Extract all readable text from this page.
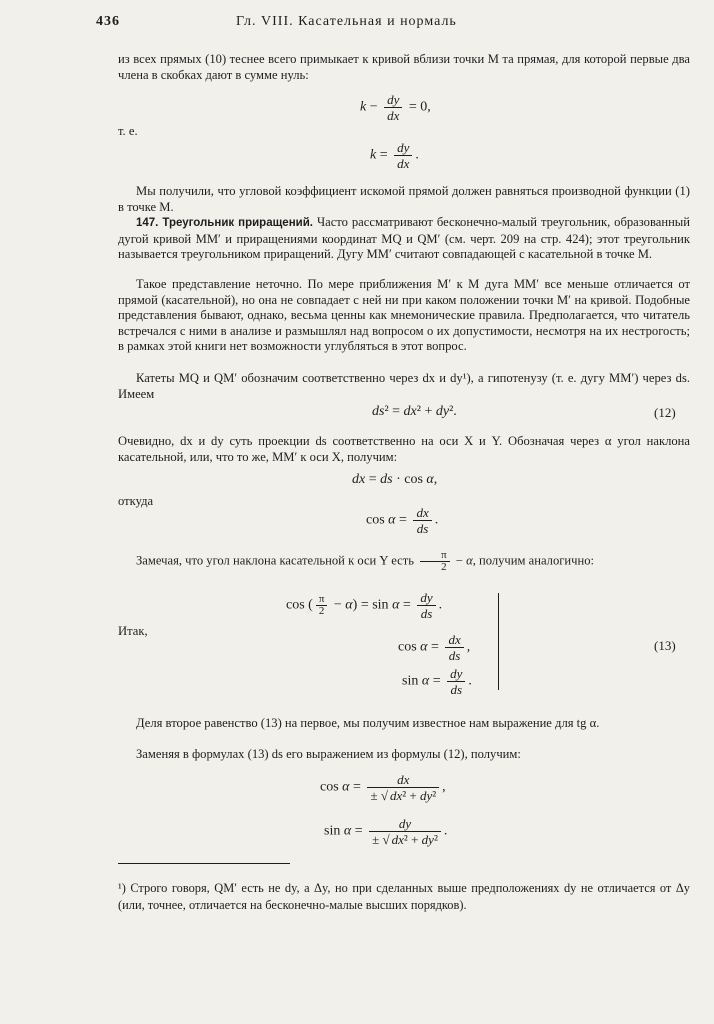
436	Гл. VIII. Касательная и нормаль

из всех прямых (10) теснее всего примыкает к кривой вблизи точки M та прямая, для которой первые два члена в скобках дают в сумме нуль:

$k - \frac{dy}{dx} = 0$,
т. е.
$k = \frac{dy}{dx}$ .

Мы получили, что угловой коэффициент искомой прямой должен равняться производной функции (1) в точке M.

147. Треугольник приращений. Часто рассматривают бесконечно-малый треугольник, образованный дугой кривой MM′ и приращениями координат MQ и QM′ (см. черт. 209 на стр. 424); этот треугольник называется треугольником приращений. Дугу MM′ считают совпадающей с касательной в точке M.

Такое представление неточно. По мере приближения M′ к M дуга MM′ все меньше отличается от прямой (касательной), но она не совпадает с ней ни при каком положении точки M′ на кривой. Подобные представления бывают, однако, весьма ценны как мнемонические правила. Предполагается, что читатель встречался с ними в анализе и размышлял над вопросом о их допустимости, несмотря на их нестрогость; в рамках этой книги нет возможности углубляться в этот вопрос.

Катеты MQ и QM′ обозначим соответственно через dx и dy¹), а гипотенузу (т. е. дугу MM′) через ds. Имеем

ds² = dx² + dy².	(12)

Очевидно, dx и dy суть проекции ds соответственно на оси X и Y. Обозначая через α угол наклона касательной, или, что то же, MM′ к оси X, получим:

dx = ds · cos α,
откуда
$\cos \alpha = \frac{dx}{ds}$ .
Замечая, что угол наклона касательной к оси Y есть $\frac{\pi}{2} - \alpha$, получим аналогично:
cos ( $\frac{\pi}{2} - \alpha) = \sin \alpha = \frac{dy}{ds}$ .
Итак,
$\cos \alpha = \frac{dx}{ds}$ ,
$\sin \alpha = \frac{dy}{ds}$ .
(13)

Деля второе равенство (13) на первое, мы получим известное нам выражение для tg α.

Заменяя в формулах (13) ds его выражением из формулы (12), получим:

$\cos \alpha = \frac{dx}{\text{± √ dx² + dy²}}$ ,
$\sin \alpha = \frac{dy}{\text{± √ dx² + dy²}}$ .

¹) Строго говоря, QM′ есть не dy, а Δy, но при сделанных выше предположениях dy не отличается от Δy (или, точнее, отличается на бесконечно-малые высших порядков).
